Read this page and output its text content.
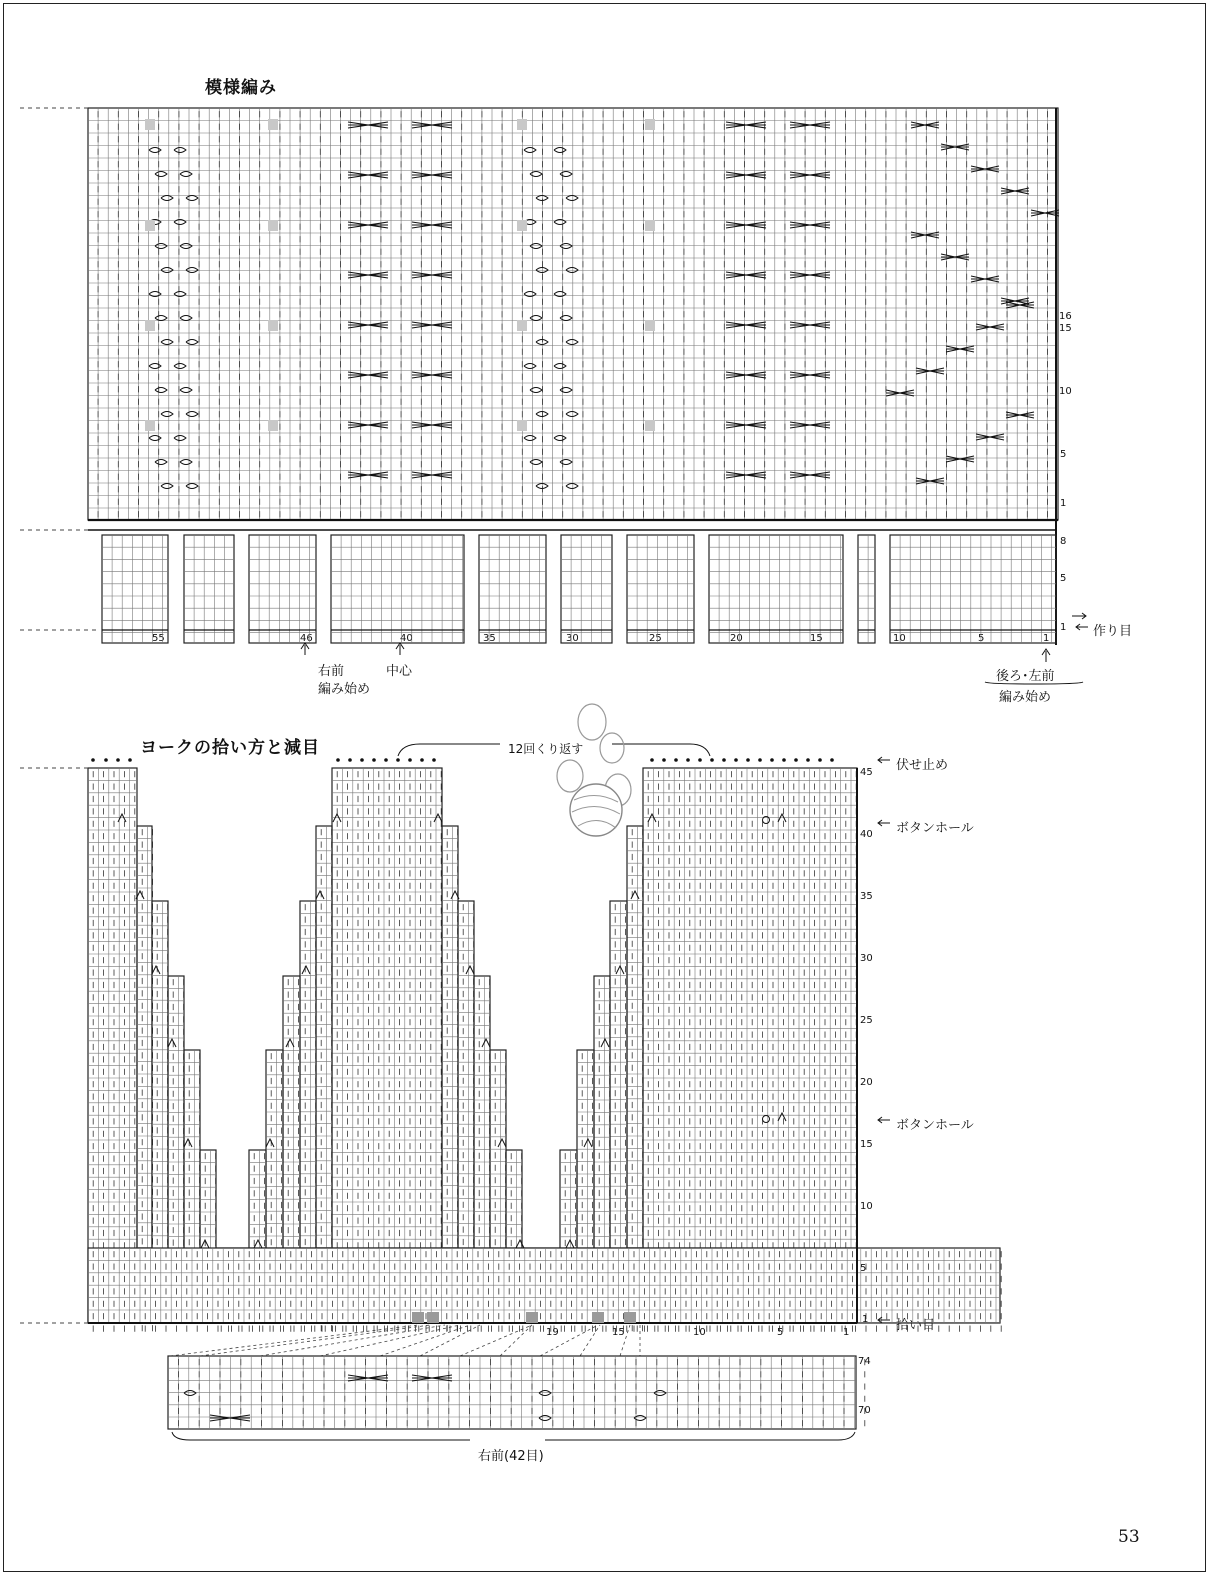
模様編み
16
15
10
5
1
8
5
1
55	46	40	35	30	25	20	15	10	5	1	作り目
右前
編み始め
中心	後ろ･左前
編み始め
ヨークの拾い方と減目	12回くり返す
伏せ止め
ボタンホール
ボタンホール
拾い目
45
40
35
30
25
20
15
10
5
1
19	15	10	5	1
74
70
右前(42目)
53
